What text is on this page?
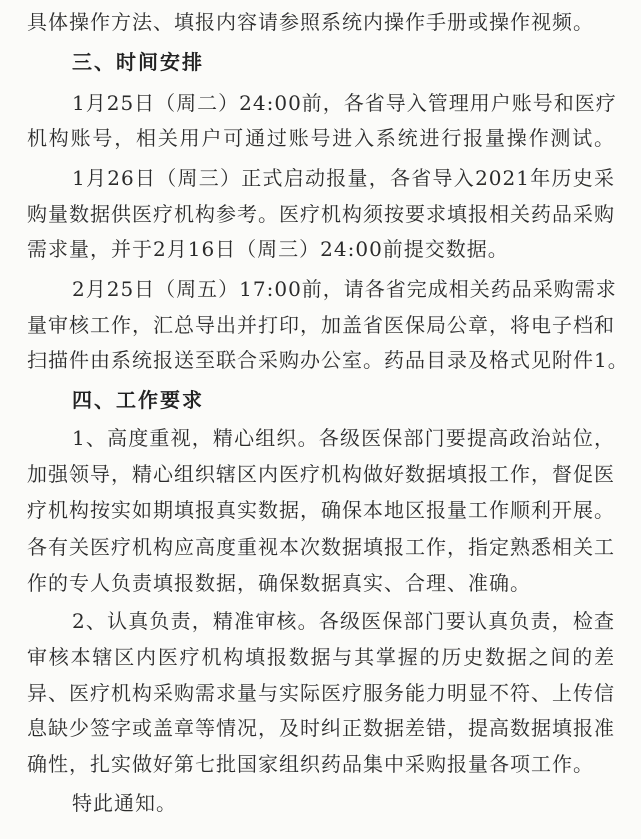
具体操作方法、填报内容请参照系统内操作手册或操作视频。
三、时间安排
1月25日（周二）24:00前，各省导入管理用户账号和医疗
机构账号，相关用户可通过账号进入系统进行报量操作测试。
1月26日（周三）正式启动报量，各省导入2021年历史采
购量数据供医疗机构参考。医疗机构须按要求填报相关药品采购
需求量，并于2月16日（周三）24:00前提交数据。
2月25日（周五）17:00前，请各省完成相关药品采购需求
量审核工作，汇总导出并打印，加盖省医保局公章，将电子档和
扫描件由系统报送至联合采购办公室。药品目录及格式见附件1。
四、工作要求
1、高度重视，精心组织。各级医保部门要提高政治站位，
加强领导，精心组织辖区内医疗机构做好数据填报工作，督促医
疗机构按实如期填报真实数据，确保本地区报量工作顺利开展。
各有关医疗机构应高度重视本次数据填报工作，指定熟悉相关工
作的专人负责填报数据，确保数据真实、合理、准确。
2、认真负责，精准审核。各级医保部门要认真负责，检查
审核本辖区内医疗机构填报数据与其掌握的历史数据之间的差
异、医疗机构采购需求量与实际医疗服务能力明显不符、上传信
息缺少签字或盖章等情况，及时纠正数据差错，提高数据填报准
确性，扎实做好第七批国家组织药品集中采购报量各项工作。
特此通知。
